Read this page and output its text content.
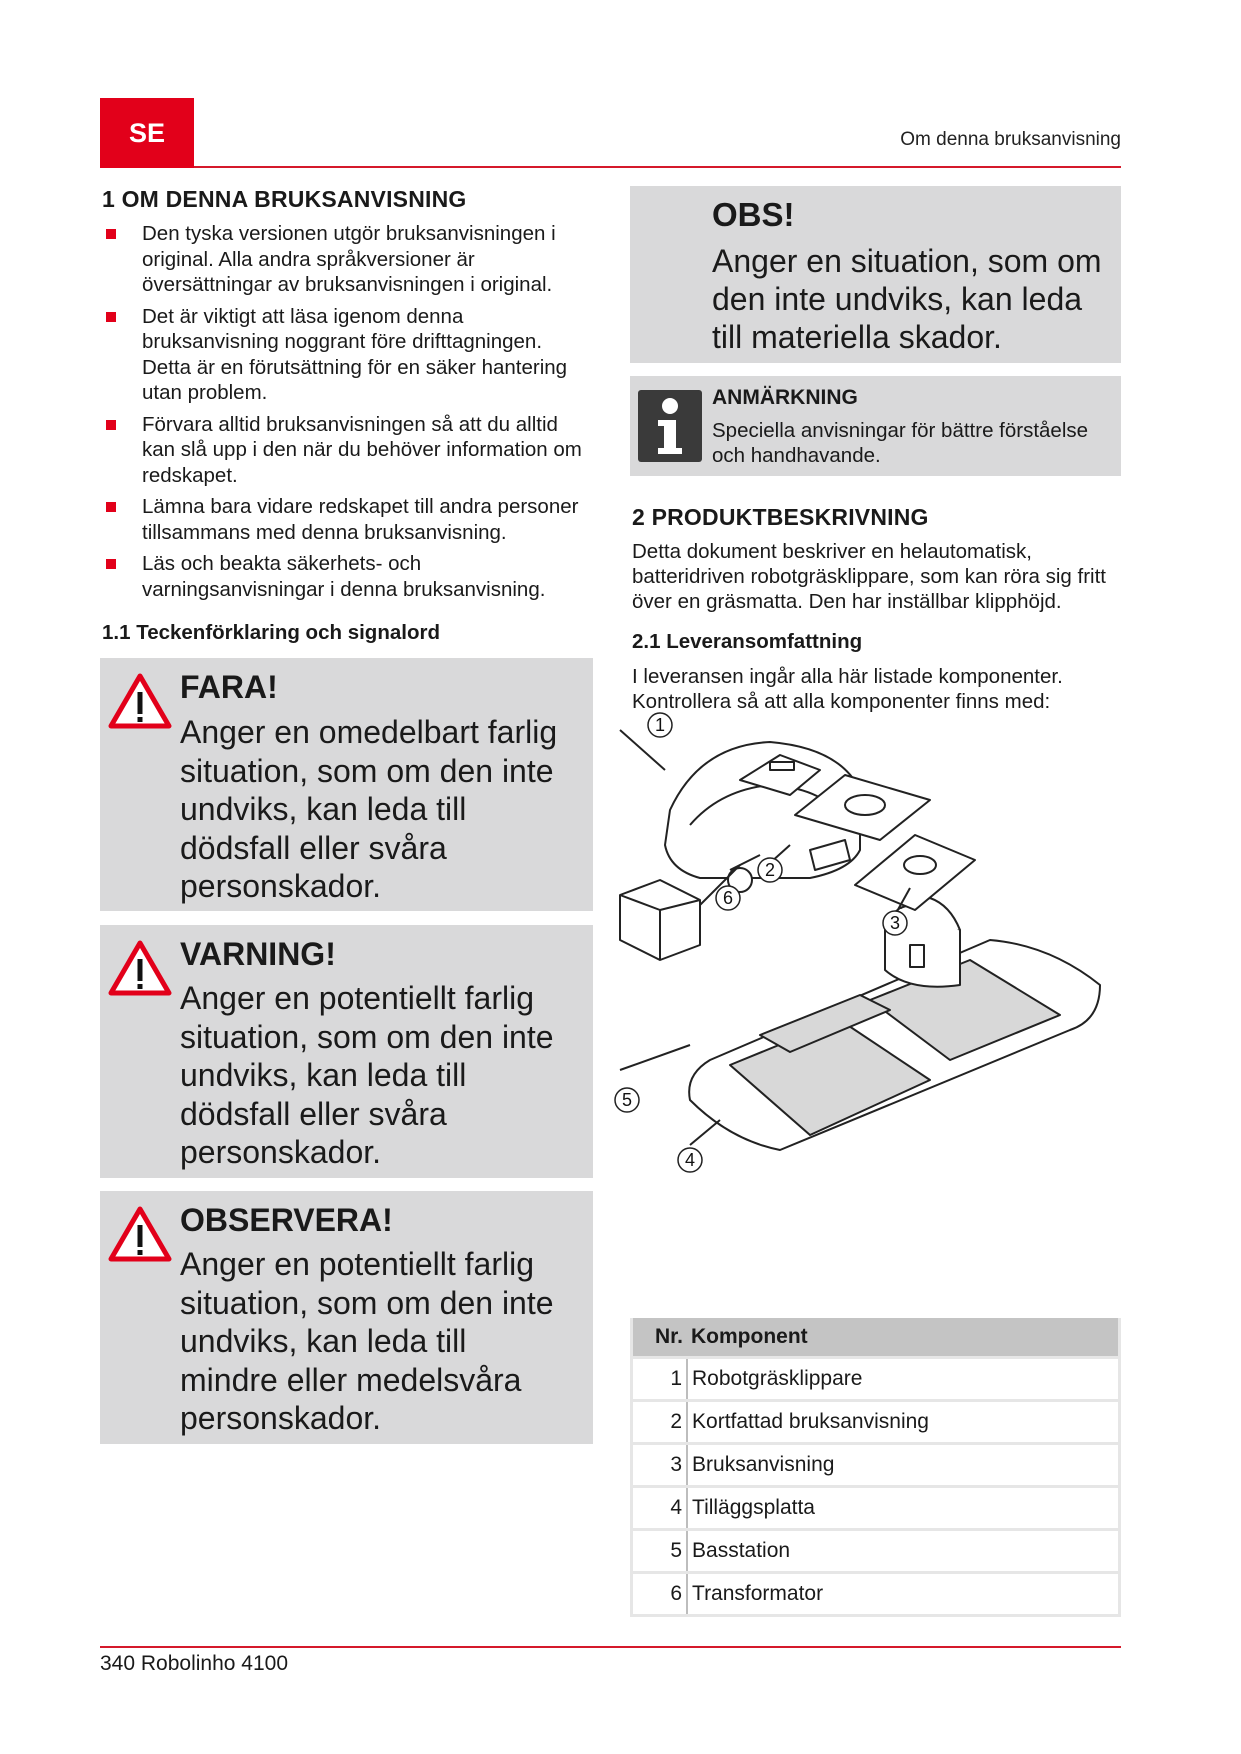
SE	Om denna bruksanvisning
1 OM DENNA BRUKSANVISNING
Den tyska versionen utgör bruksanvisningen i original. Alla andra språkversioner är översättningar av bruksanvisningen i original.
Det är viktigt att läsa igenom denna bruksanvisning noggrant före drifttagningen. Detta är en förutsättning för en säker hantering utan problem.
Förvara alltid bruksanvisningen så att du alltid kan slå upp i den när du behöver information om redskapet.
Lämna bara vidare redskapet till andra personer tillsammans med denna bruksanvisning.
Läs och beakta säkerhets- och varningsanvisningar i denna bruksanvisning.
1.1 Teckenförklaring och signalord
FARA!
Anger en omedelbart farlig situation, som om den inte undviks, kan leda till dödsfall eller svåra personskador.
VARNING!
Anger en potentiellt farlig situation, som om den inte undviks, kan leda till dödsfall eller svåra personskador.
OBSERVERA!
Anger en potentiellt farlig situation, som om den inte undviks, kan leda till mindre eller medelsvåra personskador.
OBS!
Anger en situation, som om den inte undviks, kan leda till materiella skador.
ANMÄRKNING
Speciella anvisningar för bättre förståelse och handhavande.
2 PRODUKTBESKRIVNING

Detta dokument beskriver en helautomatisk, batteridriven robotgräsklippare, som kan röra sig fritt över en gräsmatta. Den har inställbar klipphöjd.

2.1 Leveransomfattning

I leveransen ingår alla här listade komponenter. Kontrollera så att alla komponenter finns med:

1
2
3
4
5
6
Nr.	Komponent
1	Robotgräsklippare
2	Kortfattad bruksanvisning
3	Bruksanvisning
4	Tilläggsplatta
5	Basstation
6	Transformator
340 Robolinho 4100
